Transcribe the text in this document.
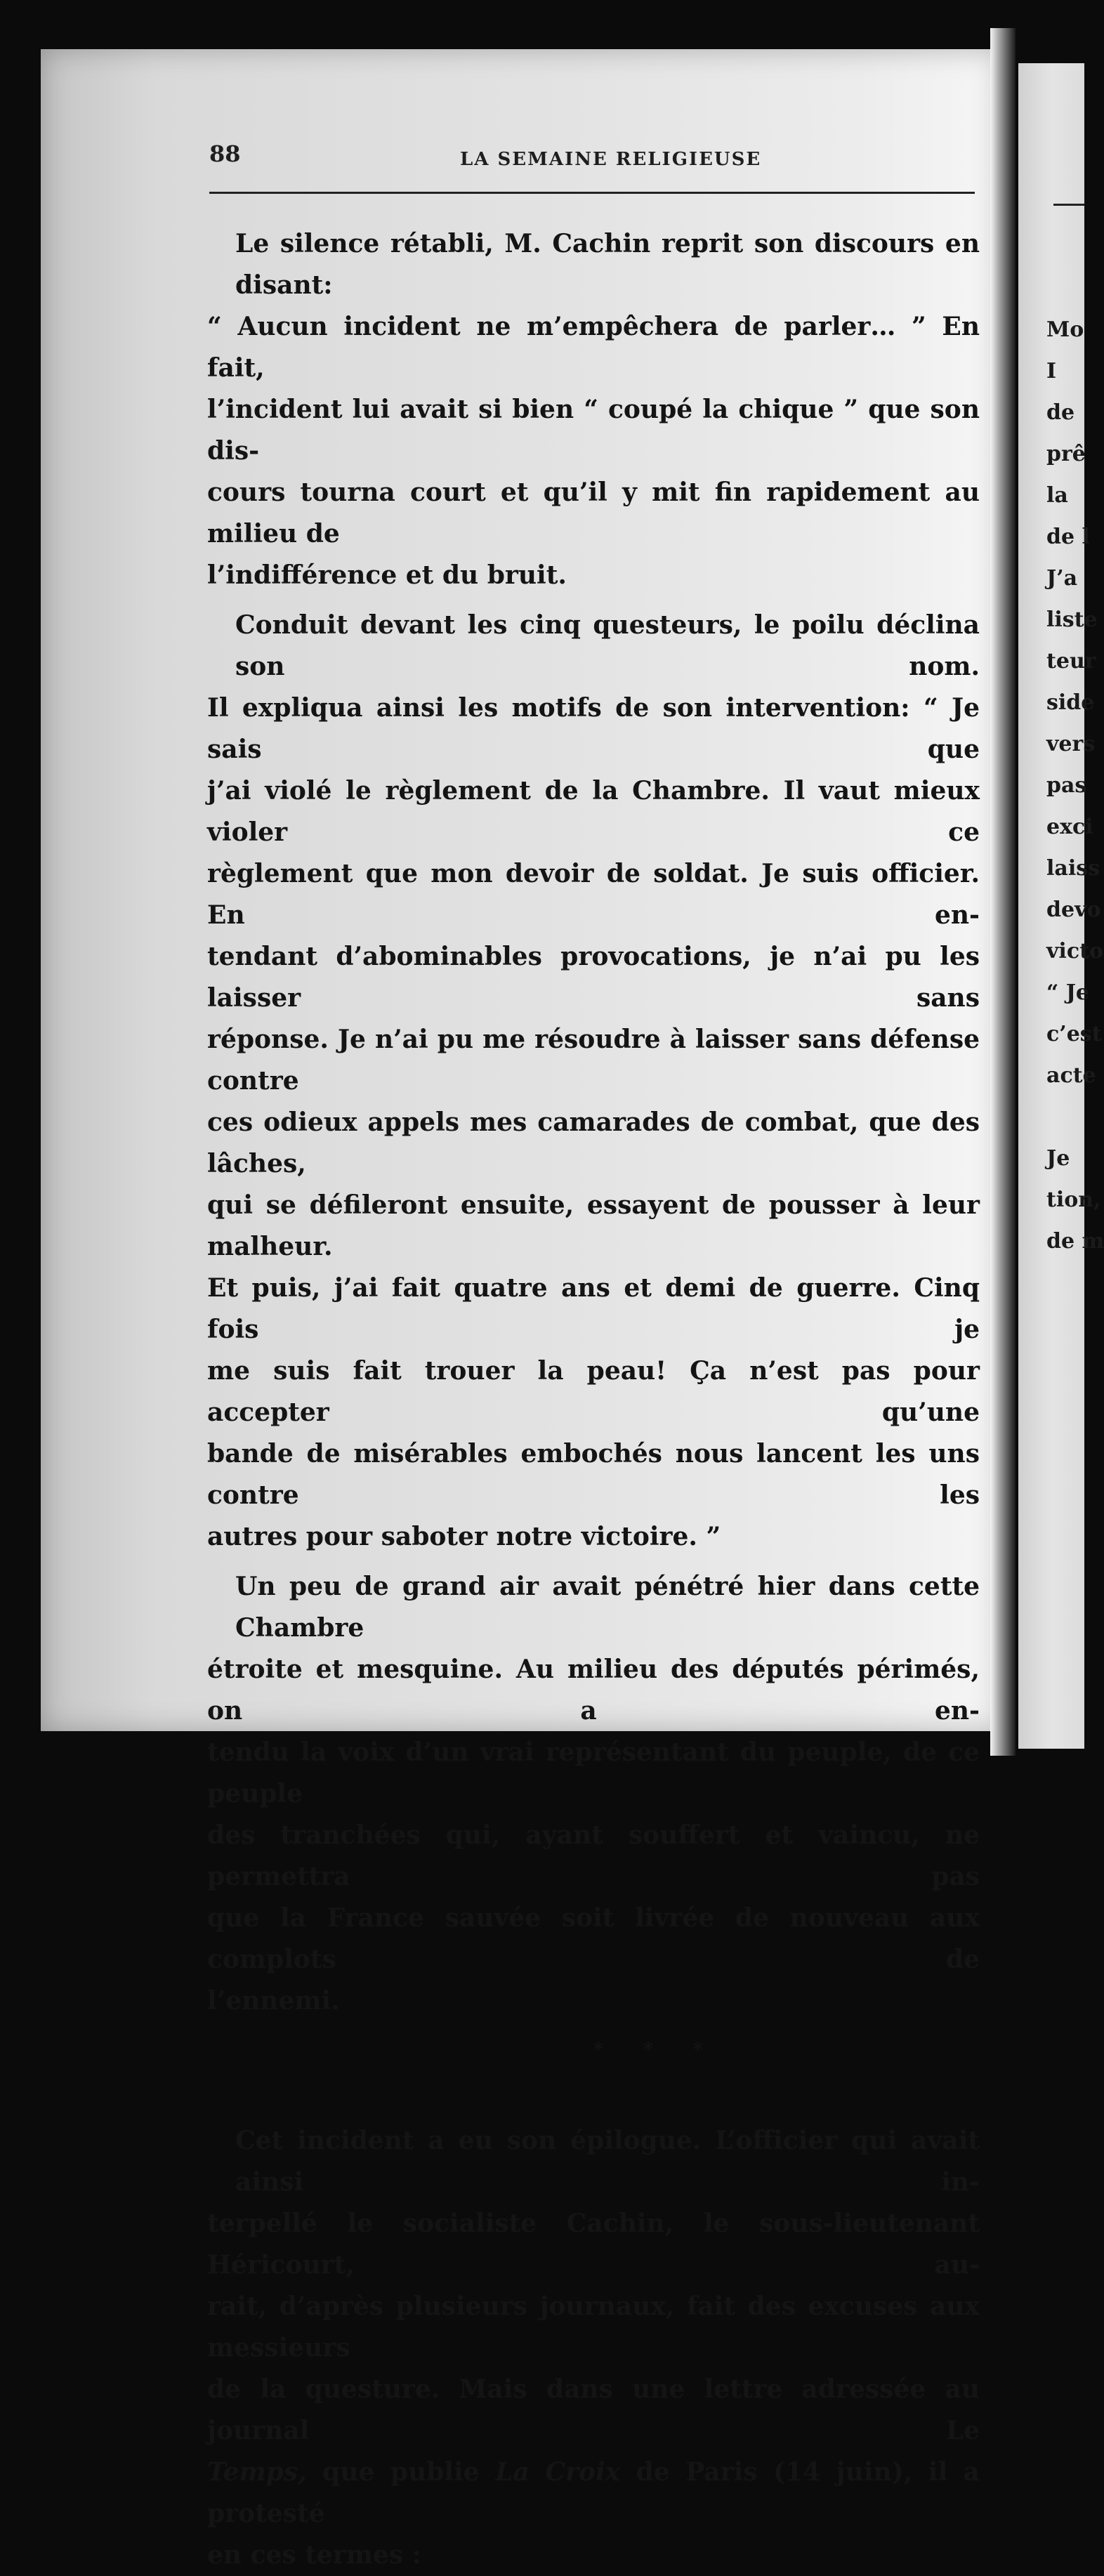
88	LA SEMAINE RELIGIEUSE

Le silence rétabli, M. Cachin reprit son discours en disant:
“ Aucun incident ne m’empêchera de parler… ” En fait,
l’incident lui avait si bien “ coupé la chique ” que son dis-
cours tourna court et qu’il y mit fin rapidement au milieu de
l’indifférence et du bruit.

Conduit devant les cinq questeurs, le poilu déclina son nom.
Il expliqua ainsi les motifs de son intervention: “ Je sais que
j’ai violé le règlement de la Chambre. Il vaut mieux violer ce
règlement que mon devoir de soldat. Je suis officier. En en-
tendant d’abominables provocations, je n’ai pu les laisser sans
réponse. Je n’ai pu me résoudre à laisser sans défense contre
ces odieux appels mes camarades de combat, que des lâches,
qui se défileront ensuite, essayent de pousser à leur malheur.
Et puis, j’ai fait quatre ans et demi de guerre. Cinq fois je
me suis fait trouer la peau! Ça n’est pas pour accepter qu’une
bande de misérables embochés nous lancent les uns contre les
autres pour saboter notre victoire. ”

Un peu de grand air avait pénétré hier dans cette Chambre
étroite et mesquine. Au milieu des députés périmés, on a en-
tendu la voix d’un vrai représentant du peuple, de ce peuple
des tranchées qui, ayant souffert et vaincu, ne permettra pas
que la France sauvée soit livrée de nouveau aux complots de
l’ennemi.

* * *

Cet incident a eu son épilogue. L’officier qui avait ainsi in-
terpellé le socialiste Cachin, le sous-lieutenant Héricourt, au-
rait, d’après plusieurs journaux, fait des excuses aux messieurs
de la questure. Mais dans une lettre adressée au journal Le
Temps, que publie La Croix de Paris (14 juin), il a protesté
en ces termes :

Mo
I
de
prê
la
de l
J’a
liste
teur
side
vers
pas
exci
laiss
devo
victo
“ Je
c’est
acte
Je
tion,
de m
